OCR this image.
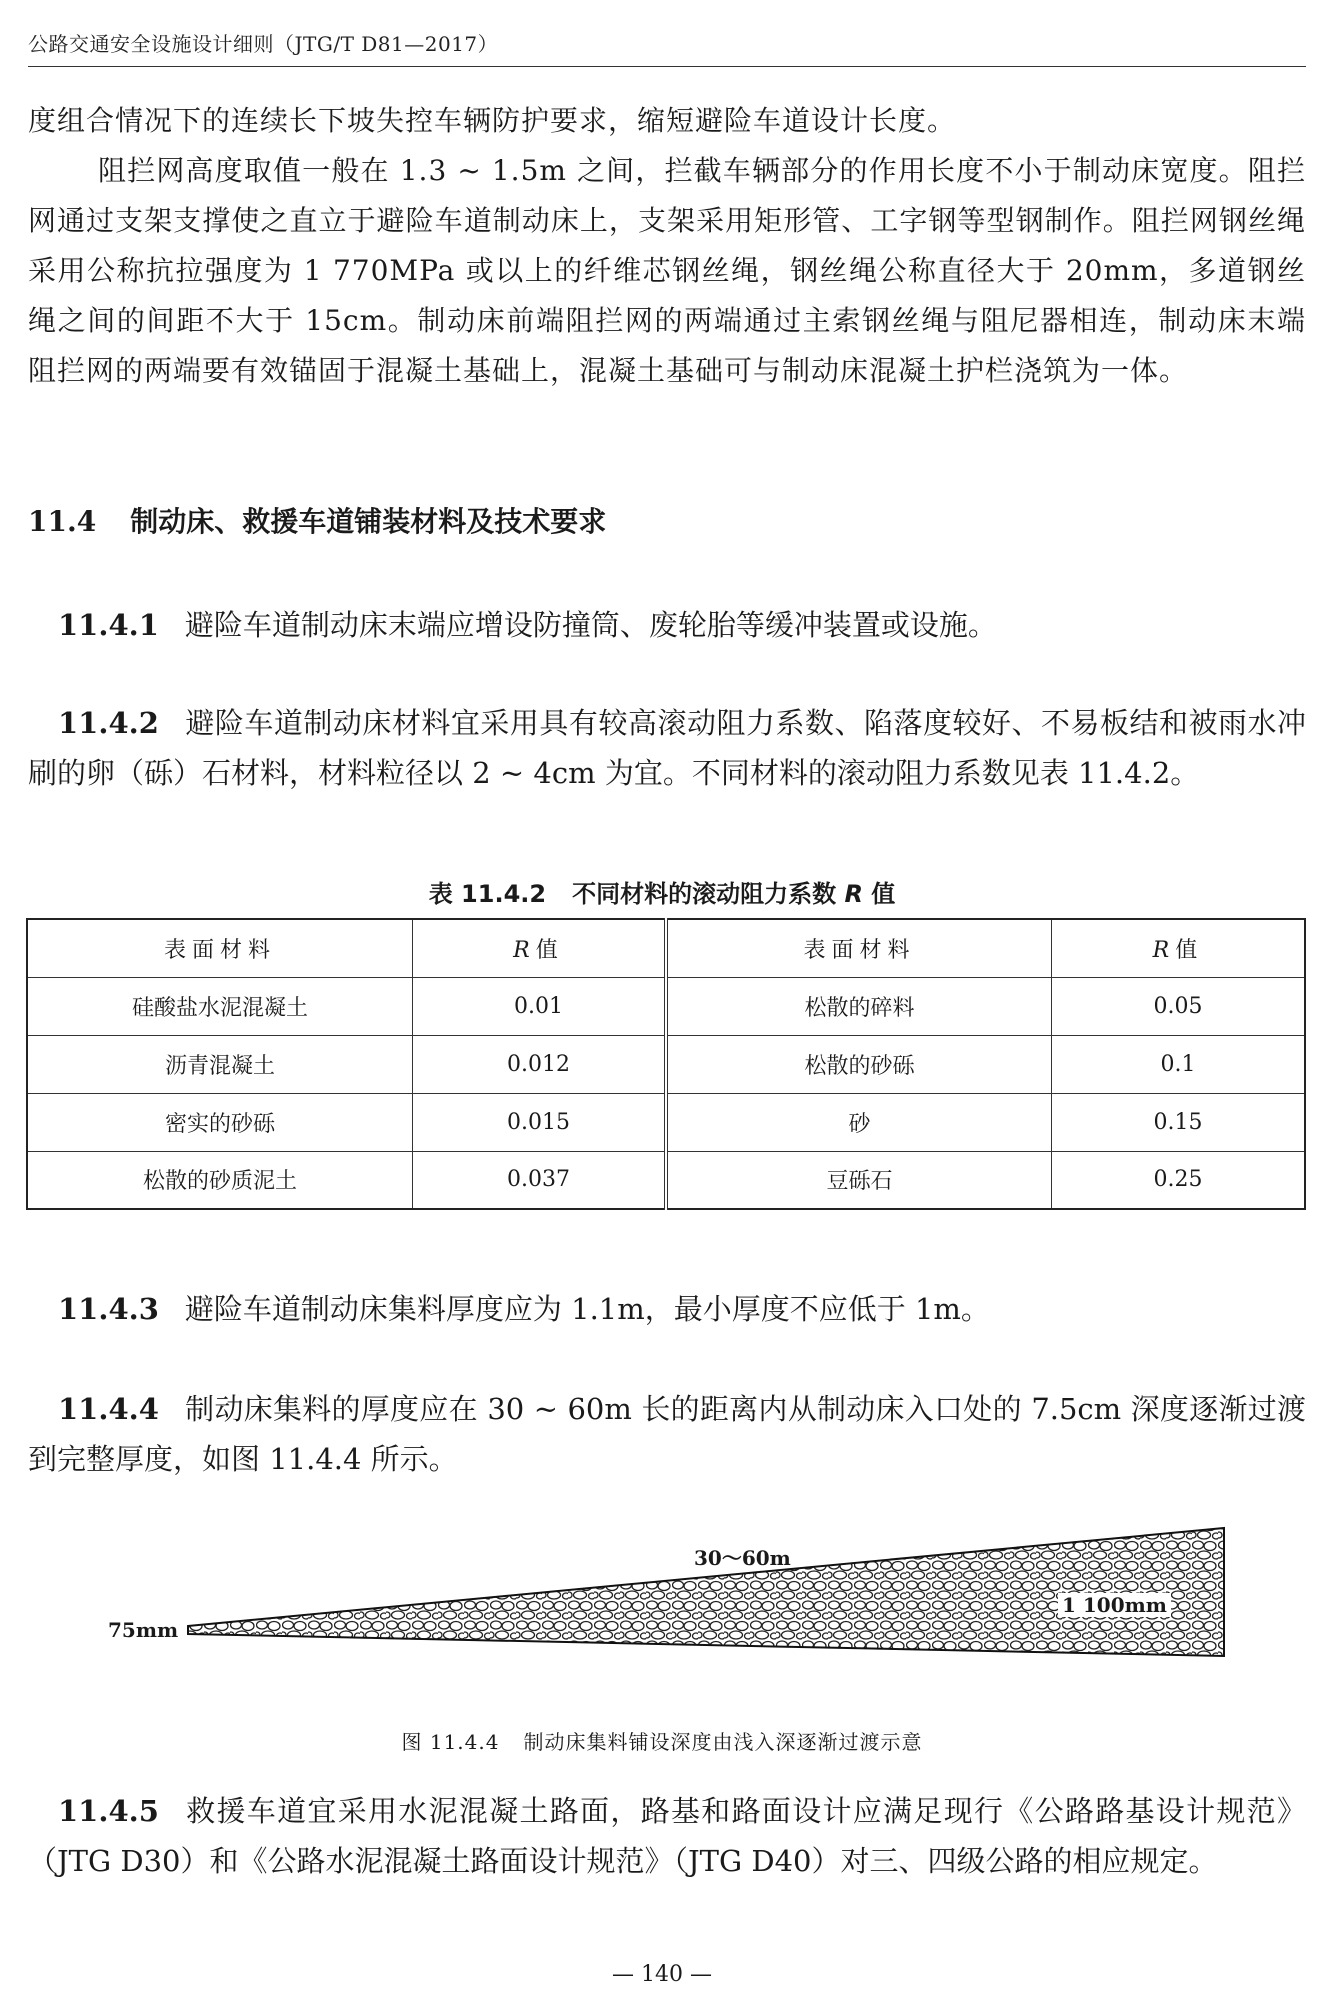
公路交通安全设施设计细则（JTG/T D81—2017）

度组合情况下的连续长下坡失控车辆防护要求，缩短避险车道设计长度。

阻拦网高度取值一般在 1.3 ~ 1.5m 之间，拦截车辆部分的作用长度不小于制动床宽度。阻拦网通过支架支撑使之直立于避险车道制动床上，支架采用矩形管、工字钢等型钢制作。阻拦网钢丝绳采用公称抗拉强度为 1 770MPa 或以上的纤维芯钢丝绳，钢丝绳公称直径大于 20mm，多道钢丝绳之间的间距不大于 15cm。制动床前端阻拦网的两端通过主索钢丝绳与阻尼器相连，制动床末端阻拦网的两端要有效锚固于混凝土基础上，混凝土基础可与制动床混凝土护栏浇筑为一体。

11.4 制动床、救援车道铺装材料及技术要求

11.4.1 避险车道制动床末端应增设防撞筒、废轮胎等缓冲装置或设施。

11.4.2 避险车道制动床材料宜采用具有较高滚动阻力系数、陷落度较好、不易板结和被雨水冲刷的卵（砾）石材料，材料粒径以 2 ~ 4cm 为宜。不同材料的滚动阻力系数见表 11.4.2。

表 11.4.2 不同材料的滚动阻力系数 R 值
表面材料	R值	表面材料	R值
硅酸盐水泥混凝土	0.01	松散的碎料	0.05
沥青混凝土	0.012	松散的砂砾	0.1
密实的砂砾	0.015	砂	0.15
松散的砂质泥土	0.037	豆砾石	0.25

11.4.3 避险车道制动床集料厚度应为 1.1m，最小厚度不应低于 1m。

11.4.4 制动床集料的厚度应在 30 ~ 60m 长的距离内从制动床入口处的 7.5cm 深度逐渐过渡到完整厚度，如图 11.4.4 所示。

30～60m
75mm
1 100mm
图 11.4.4 制动床集料铺设深度由浅入深逐渐过渡示意

11.4.5 救援车道宜采用水泥混凝土路面，路基和路面设计应满足现行《公路路基设计规范》（JTG D30）和《公路水泥混凝土路面设计规范》（JTG D40）对三、四级公路的相应规定。

— 140 —
